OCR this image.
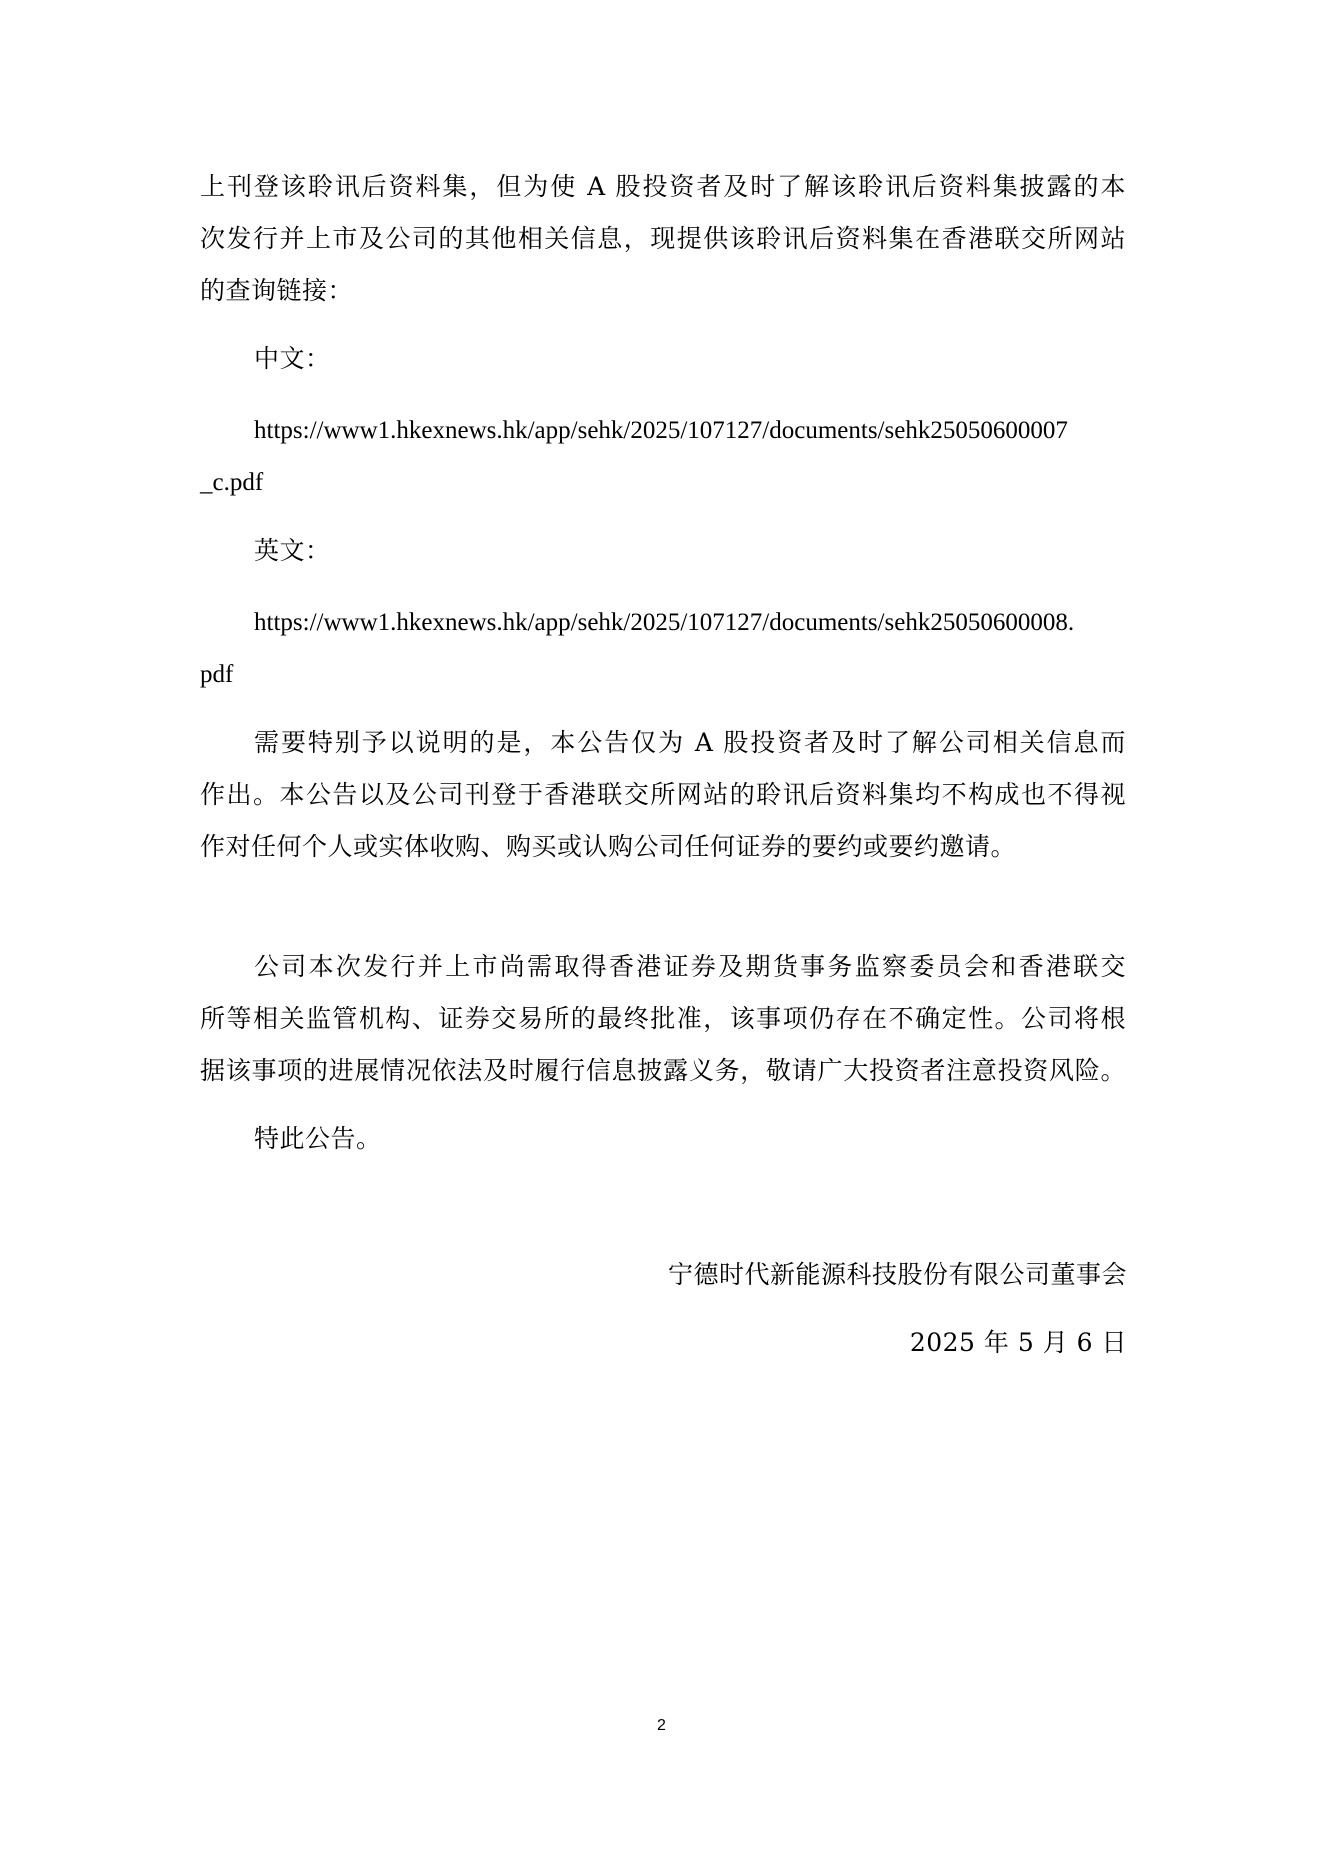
上刊登该聆讯后资料集，但为使 A 股投资者及时了解该聆讯后资料集披露的本
次发行并上市及公司的其他相关信息，现提供该聆讯后资料集在香港联交所网站
的查询链接：
中文：
https://www1.hkexnews.hk/app/sehk/2025/107127/documents/sehk25050600007
_c.pdf
英文：
https://www1.hkexnews.hk/app/sehk/2025/107127/documents/sehk25050600008.
pdf
需要特别予以说明的是，本公告仅为 A 股投资者及时了解公司相关信息而
作出。本公告以及公司刊登于香港联交所网站的聆讯后资料集均不构成也不得视
作对任何个人或实体收购、购买或认购公司任何证券的要约或要约邀请。
公司本次发行并上市尚需取得香港证券及期货事务监察委员会和香港联交
所等相关监管机构、证券交易所的最终批准，该事项仍存在不确定性。公司将根
据该事项的进展情况依法及时履行信息披露义务，敬请广大投资者注意投资风险。
特此公告。
宁德时代新能源科技股份有限公司董事会
2025 年 5 月 6 日
2
